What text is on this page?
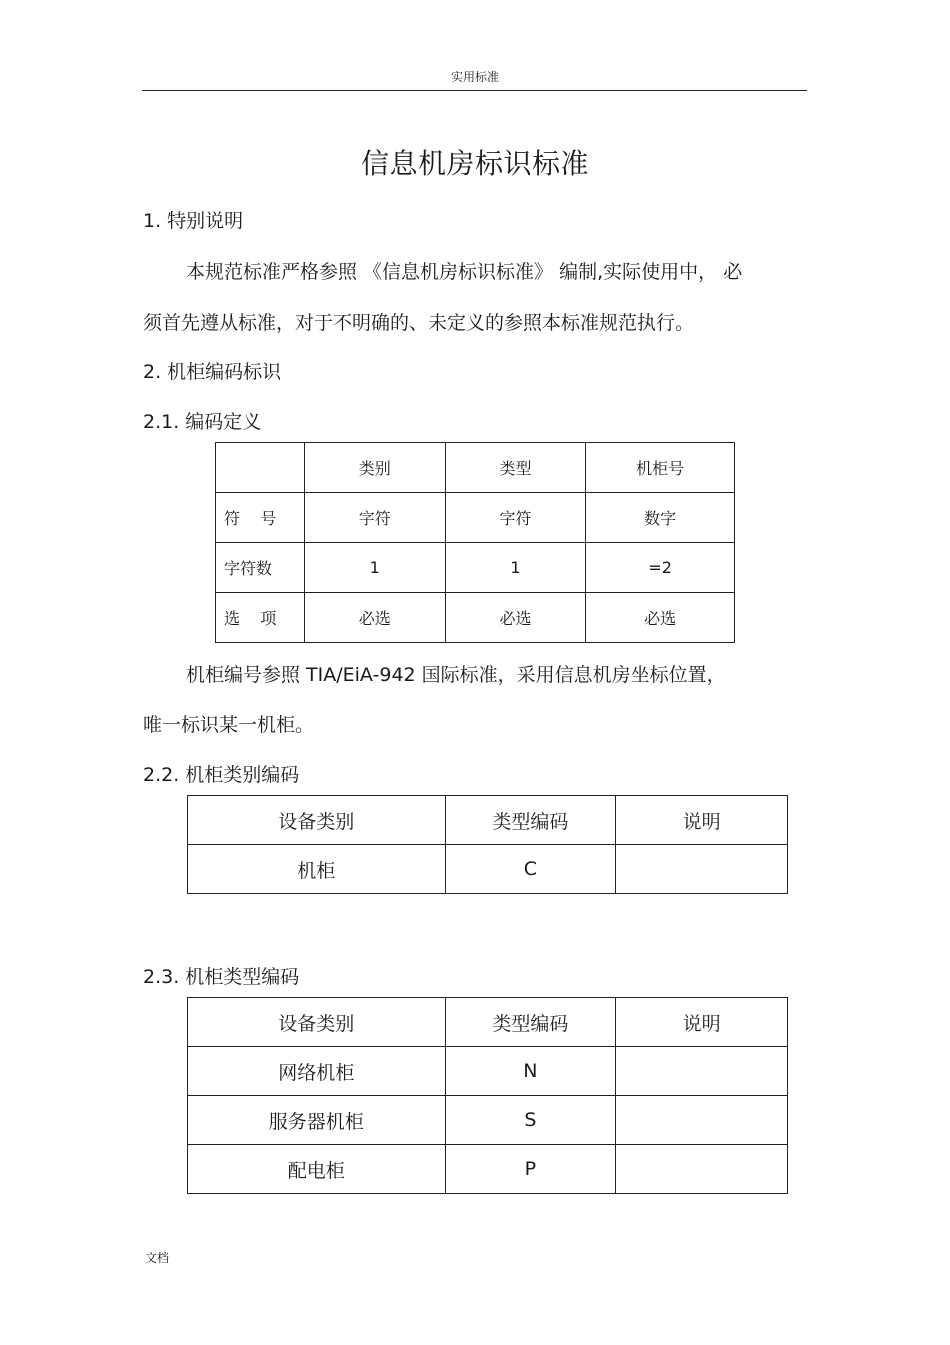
实用标准
信息机房标识标准
1. 特别说明
本规范标准严格参照 《信息机房标识标准》 编制,实际使用中， 必
须首先遵从标准，对于不明确的、未定义的参照本标准规范执行。
2. 机柜编码标识
2.1. 编码定义
	类别	类型	机柜号
符    号	字符	字符	数字
字符数	1	1	=2
选    项	必选	必选	必选
机柜编号参照 TIA/EiA-942 国际标准，采用信息机房坐标位置，
唯一标识某一机柜。
2.2. 机柜类别编码
设备类别	类型编码	说明
机柜	C	
2.3. 机柜类型编码
设备类别	类型编码	说明
网络机柜	N	
服务器机柜	S	
配电柜	P	
文档
